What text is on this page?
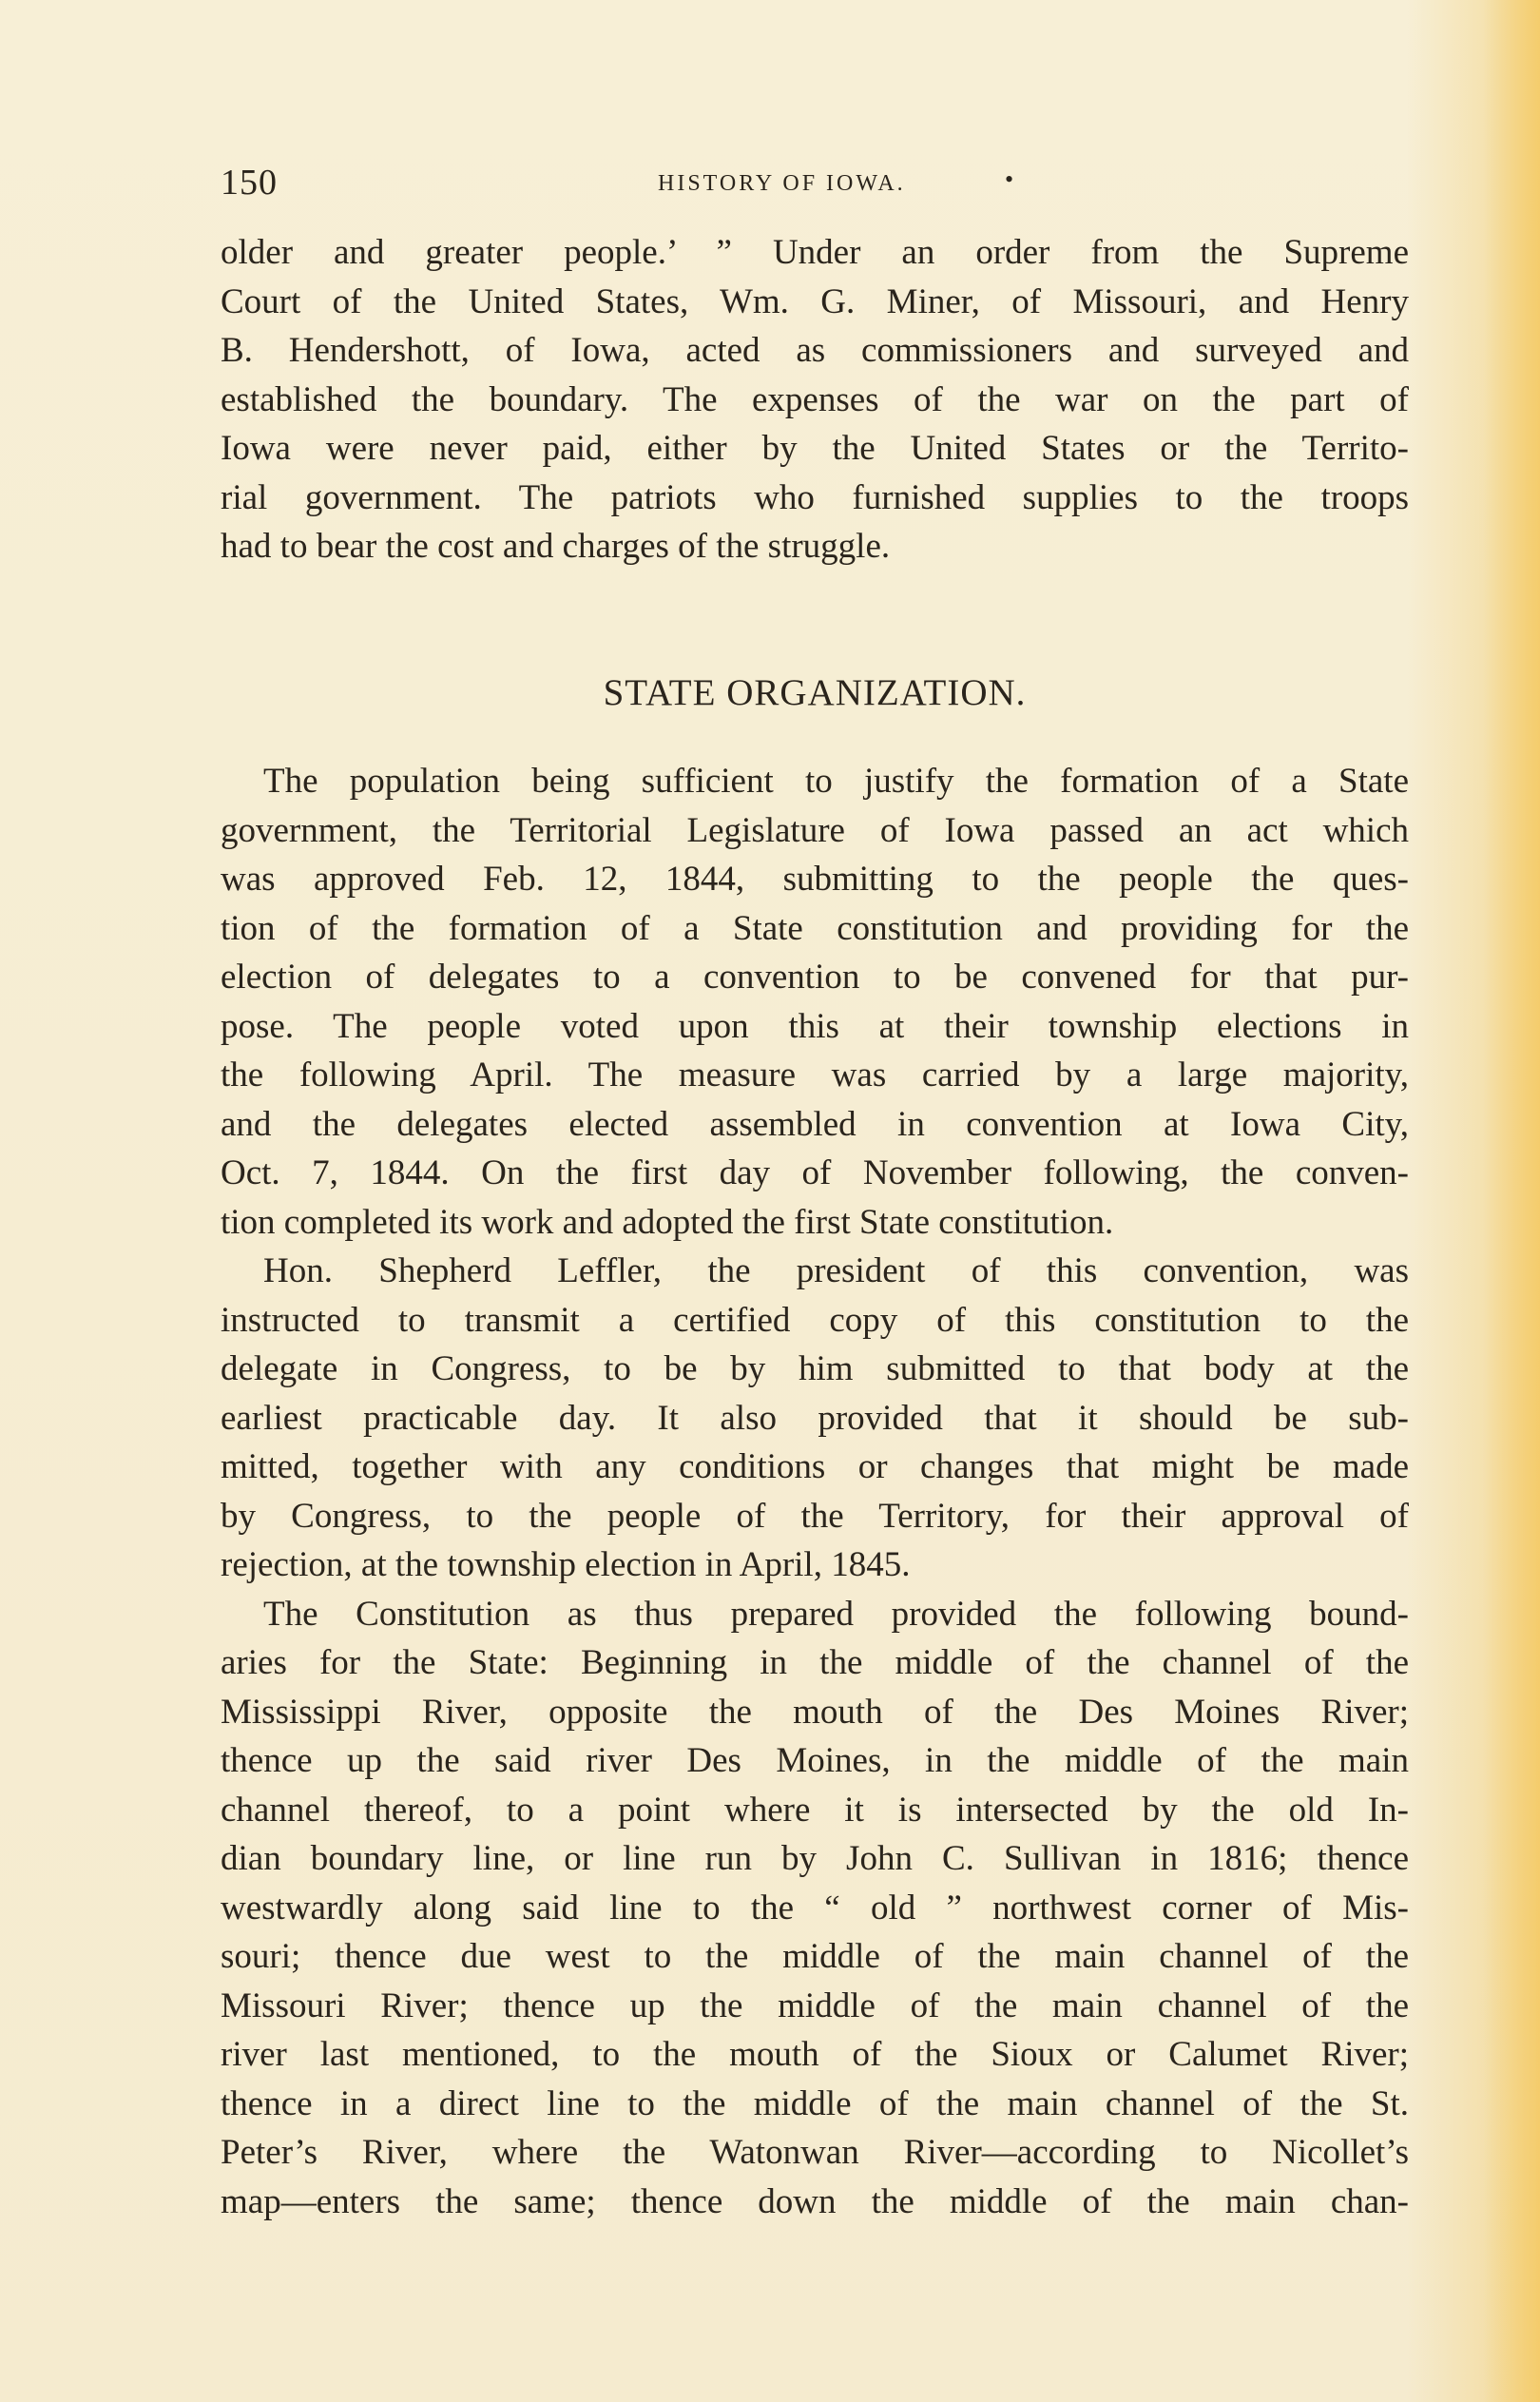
150	HISTORY OF IOWA.	•
older and greater people.’ ” Under an order from the Supreme
Court of the United States, Wm. G. Miner, of Missouri, and Henry
B. Hendershott, of Iowa, acted as commissioners and surveyed and
established the boundary. The expenses of the war on the part of
Iowa were never paid, either by the United States or the Territo-
rial government. The patriots who furnished supplies to the troops
had to bear the cost and charges of the struggle.
STATE ORGANIZATION.
The population being sufficient to justify the formation of a State
government, the Territorial Legislature of Iowa passed an act which
was approved Feb. 12, 1844, submitting to the people the ques-
tion of the formation of a State constitution and providing for the
election of delegates to a convention to be convened for that pur-
pose. The people voted upon this at their township elections in
the following April. The measure was carried by a large majority,
and the delegates elected assembled in convention at Iowa City,
Oct. 7, 1844. On the first day of November following, the conven-
tion completed its work and adopted the first State constitution.
Hon. Shepherd Leffler, the president of this convention, was
instructed to transmit a certified copy of this constitution to the
delegate in Congress, to be by him submitted to that body at the
earliest practicable day. It also provided that it should be sub-
mitted, together with any conditions or changes that might be made
by Congress, to the people of the Territory, for their approval of
rejection, at the township election in April, 1845.
The Constitution as thus prepared provided the following bound-
aries for the State: Beginning in the middle of the channel of the
Mississippi River, opposite the mouth of the Des Moines River;
thence up the said river Des Moines, in the middle of the main
channel thereof, to a point where it is intersected by the old In-
dian boundary line, or line run by John C. Sullivan in 1816; thence
westwardly along said line to the “ old ” northwest corner of Mis-
souri; thence due west to the middle of the main channel of the
Missouri River; thence up the middle of the main channel of the
river last mentioned, to the mouth of the Sioux or Calumet River;
thence in a direct line to the middle of the main channel of the St.
Peter’s River, where the Watonwan River—according to Nicollet’s
map—enters the same; thence down the middle of the main chan-
